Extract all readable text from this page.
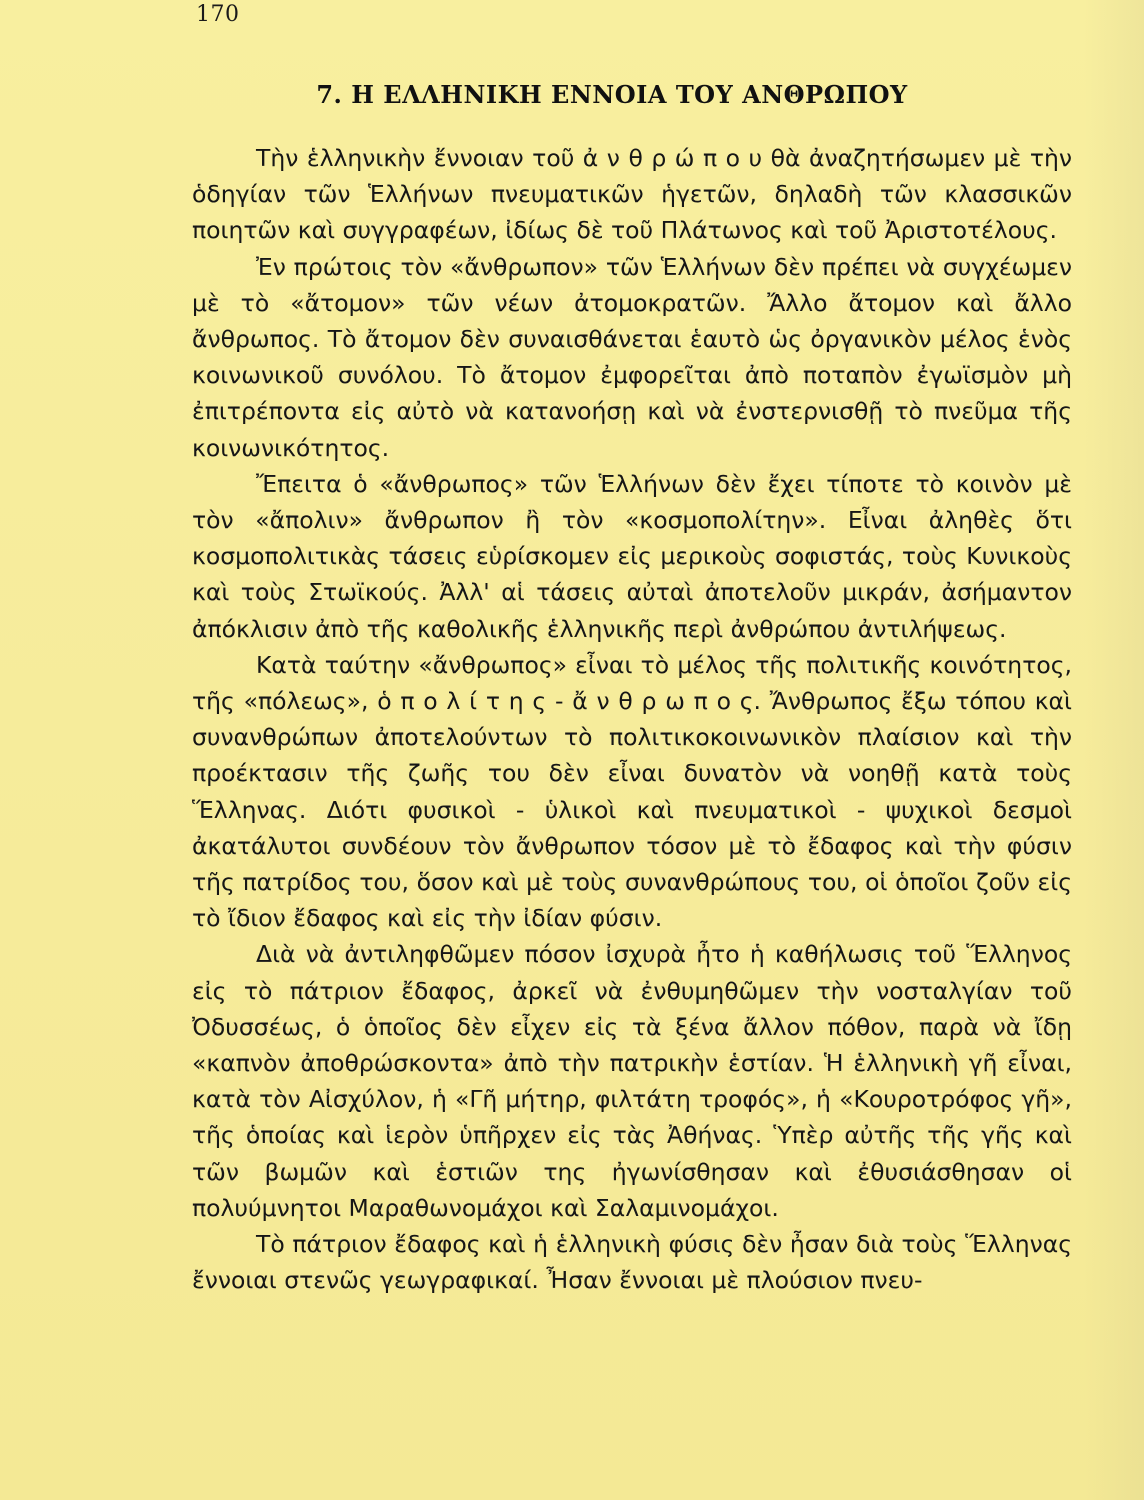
170
7. Η ΕΛΛΗΝΙΚΗ ΕΝΝΟΙΑ ΤΟΥ ΑΝΘΡΩΠΟΥ

Τὴν ἑλληνικὴν ἔννοιαν τοῦ ἀ ν θ ρ ώ π ο υ θὰ ἀναζητήσωμεν μὲ τὴν ὁδηγίαν τῶν Ἑλλήνων πνευματικῶν ἡγετῶν, δηλαδὴ τῶν κλασσικῶν ποιητῶν καὶ συγγραφέων, ἰδίως δὲ τοῦ Πλάτωνος καὶ τοῦ Ἀριστοτέλους.

Ἐν πρώτοις τὸν «ἄνθρωπον» τῶν Ἑλλήνων δὲν πρέπει νὰ συγχέωμεν μὲ τὸ «ἄτομον» τῶν νέων ἀτομοκρατῶν. Ἄλλο ἄτομον καὶ ἄλλο ἄνθρωπος. Τὸ ἄτομον δὲν συναισθάνεται ἑαυτὸ ὡς ὀργανικὸν μέλος ἑνὸς κοινωνικοῦ συνόλου. Τὸ ἄτομον ἐμφορεῖται ἀπὸ ποταπὸν ἐγωϊσμὸν μὴ ἐπιτρέποντα εἰς αὐτὸ νὰ κατανοήσῃ καὶ νὰ ἐνστερνισθῇ τὸ πνεῦμα τῆς κοινωνικότητος.

Ἔπειτα ὁ «ἄνθρωπος» τῶν Ἑλλήνων δὲν ἔχει τίποτε τὸ κοινὸν μὲ τὸν «ἄπολιν» ἄνθρωπον ἢ τὸν «κοσμοπολίτην». Εἶναι ἀληθὲς ὅτι κοσμοπολιτικὰς τάσεις εὑρίσκομεν εἰς μερικοὺς σοφιστάς, τοὺς Κυνικοὺς καὶ τοὺς Στωϊκούς. Ἀλλ' αἱ τάσεις αὐταὶ ἀποτελοῦν μικράν, ἀσήμαντον ἀπόκλισιν ἀπὸ τῆς καθολικῆς ἑλληνικῆς περὶ ἀνθρώπου ἀντιλήψεως.

Κατὰ ταύτην «ἄνθρωπος» εἶναι τὸ μέλος τῆς πολιτικῆς κοινότητος, τῆς «πόλεως», ὁ π ο λ ί τ η ς - ἄ ν θ ρ ω π ο ς. Ἄνθρωπος ἔξω τόπου καὶ συνανθρώπων ἀποτελούντων τὸ πολιτικοκοινωνικὸν πλαίσιον καὶ τὴν προέκτασιν τῆς ζωῆς του δὲν εἶναι δυνατὸν νὰ νοηθῇ κατὰ τοὺς Ἕλληνας. Διότι φυσικοὶ - ὑλικοὶ καὶ πνευματικοὶ - ψυχικοὶ δεσμοὶ ἀκατάλυτοι συνδέουν τὸν ἄνθρωπον τόσον μὲ τὸ ἔδαφος καὶ τὴν φύσιν τῆς πατρίδος του, ὅσον καὶ μὲ τοὺς συνανθρώπους του, οἱ ὁποῖοι ζοῦν εἰς τὸ ἴδιον ἔδαφος καὶ εἰς τὴν ἰδίαν φύσιν.

Διὰ νὰ ἀντιληφθῶμεν πόσον ἰσχυρὰ ἦτο ἡ καθήλωσις τοῦ Ἕλληνος εἰς τὸ πάτριον ἔδαφος, ἀρκεῖ νὰ ἐνθυμηθῶμεν τὴν νοσταλγίαν τοῦ Ὀδυσσέως, ὁ ὁποῖος δὲν εἶχεν εἰς τὰ ξένα ἄλλον πόθον, παρὰ νὰ ἴδῃ «καπνὸν ἀποθρώσκοντα» ἀπὸ τὴν πατρικὴν ἑστίαν. Ἡ ἑλληνικὴ γῆ εἶναι, κατὰ τὸν Αἰσχύλον, ἡ «Γῆ μήτηρ, φιλτάτη τροφός», ἡ «Κουροτρόφος γῆ», τῆς ὁποίας καὶ ἱερὸν ὑπῆρχεν εἰς τὰς Ἀθήνας. Ὑπὲρ αὐτῆς τῆς γῆς καὶ τῶν βωμῶν καὶ ἑστιῶν της ἠγωνίσθησαν καὶ ἐθυσιάσθησαν οἱ πολυύμνητοι Μαραθωνομάχοι καὶ Σαλαμινομάχοι.

Τὸ πάτριον ἔδαφος καὶ ἡ ἑλληνικὴ φύσις δὲν ἦσαν διὰ τοὺς Ἕλληνας ἔννοιαι στενῶς γεωγραφικαί. Ἦσαν ἔννοιαι μὲ πλούσιον πνευ-
